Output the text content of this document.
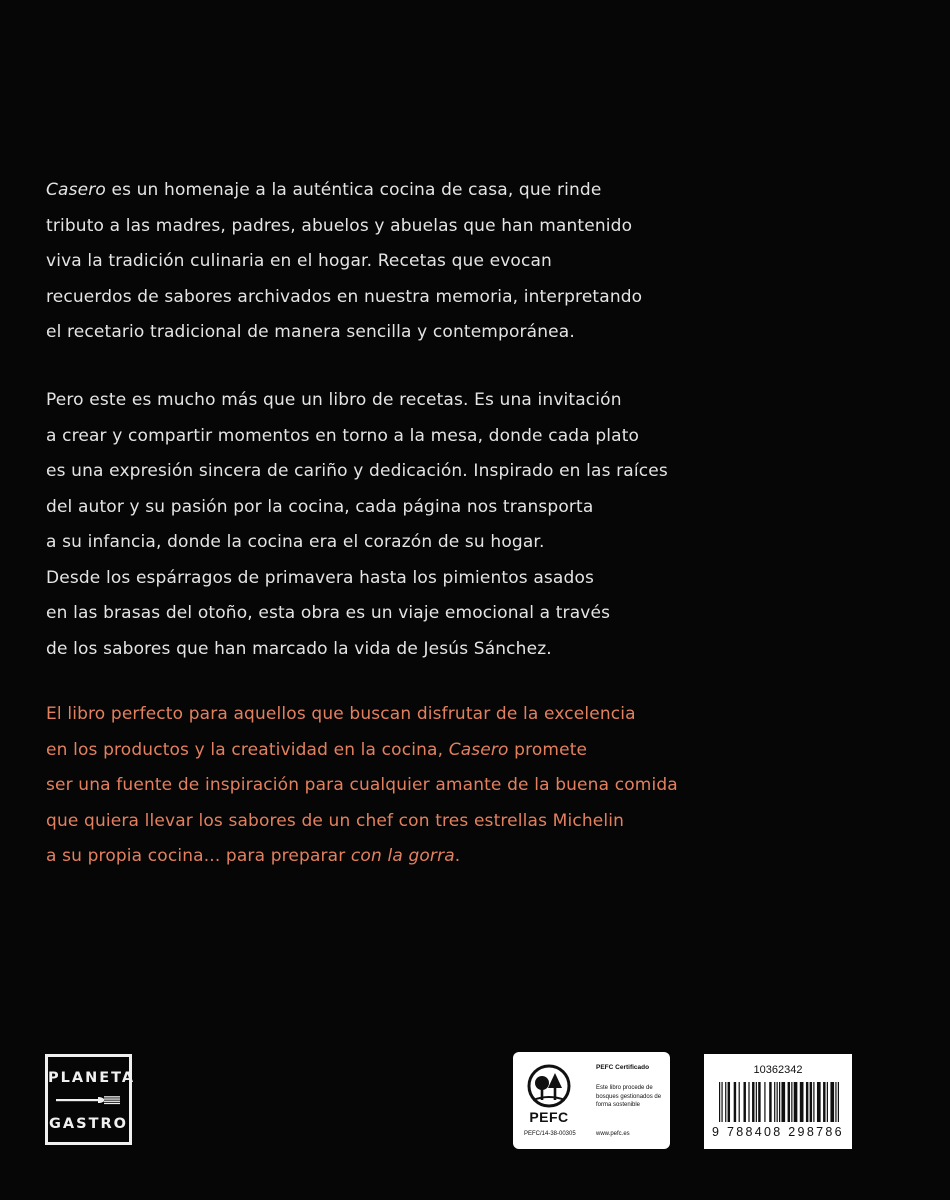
Casero es un homenaje a la auténtica cocina de casa, que rinde
tributo a las madres, padres, abuelos y abuelas que han mantenido
viva la tradición culinaria en el hogar. Recetas que evocan
recuerdos de sabores archivados en nuestra memoria, interpretando
el recetario tradicional de manera sencilla y contemporánea.
Pero este es mucho más que un libro de recetas. Es una invitación
a crear y compartir momentos en torno a la mesa, donde cada plato
es una expresión sincera de cariño y dedicación. Inspirado en las raíces
del autor y su pasión por la cocina, cada página nos transporta
a su infancia, donde la cocina era el corazón de su hogar.
Desde los espárragos de primavera hasta los pimientos asados
en las brasas del otoño, esta obra es un viaje emocional a través
de los sabores que han marcado la vida de Jesús Sánchez.
El libro perfecto para aquellos que buscan disfrutar de la excelencia
en los productos y la creatividad en la cocina, Casero promete
ser una fuente de inspiración para cualquier amante de la buena comida
que quiera llevar los sabores de un chef con tres estrellas Michelin
a su propia cocina... para preparar con la gorra.
PLANETA
GASTRO	PEFC
PEFC Certificado
Este libro procede de bosques gestionados de forma sostenible
PEFC/14-38-00305	www.pefc.es
10362342
9 788408 298786
